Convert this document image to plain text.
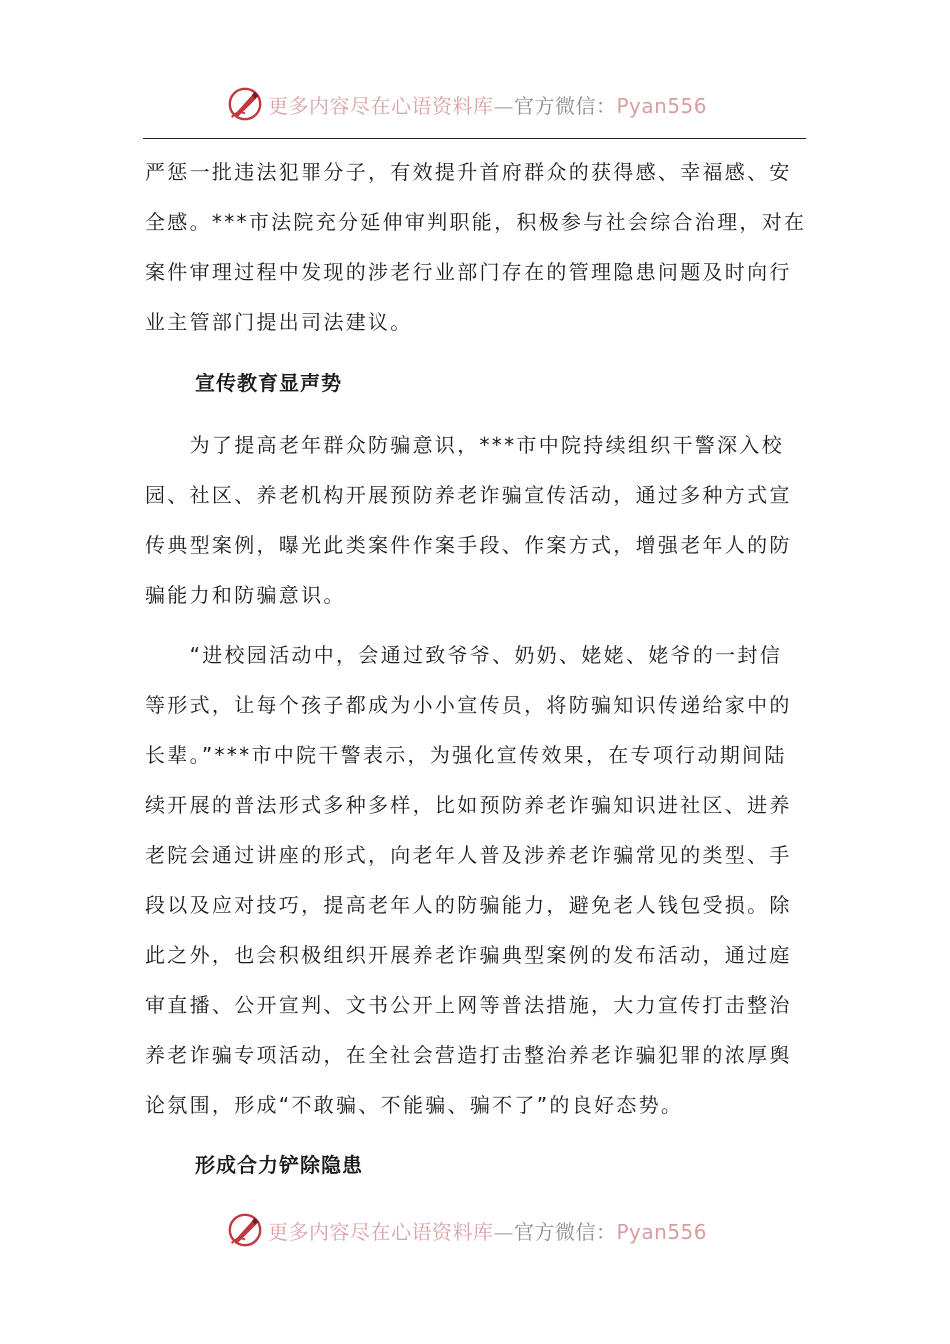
更多内容尽在心语资料库—官方微信：Pyan556
严惩一批违法犯罪分子，有效提升首府群众的获得感、幸福感、安
全感。***市法院充分延伸审判职能，积极参与社会综合治理，对在
案件审理过程中发现的涉老行业部门存在的管理隐患问题及时向行
业主管部门提出司法建议。
宣传教育显声势
　　为了提高老年群众防骗意识，***市中院持续组织干警深入校
园、社区、养老机构开展预防养老诈骗宣传活动，通过多种方式宣
传典型案例，曝光此类案件作案手段、作案方式，增强老年人的防
骗能力和防骗意识。
　　“进校园活动中，会通过致爷爷、奶奶、姥姥、姥爷的一封信
等形式，让每个孩子都成为小小宣传员，将防骗知识传递给家中的
长辈。”***市中院干警表示，为强化宣传效果，在专项行动期间陆
续开展的普法形式多种多样，比如预防养老诈骗知识进社区、进养
老院会通过讲座的形式，向老年人普及涉养老诈骗常见的类型、手
段以及应对技巧，提高老年人的防骗能力，避免老人钱包受损。除
此之外，也会积极组织开展养老诈骗典型案例的发布活动，通过庭
审直播、公开宣判、文书公开上网等普法措施，大力宣传打击整治
养老诈骗专项活动，在全社会营造打击整治养老诈骗犯罪的浓厚舆
论氛围，形成“不敢骗、不能骗、骗不了”的良好态势。
形成合力铲除隐患
更多内容尽在心语资料库—官方微信：Pyan556
